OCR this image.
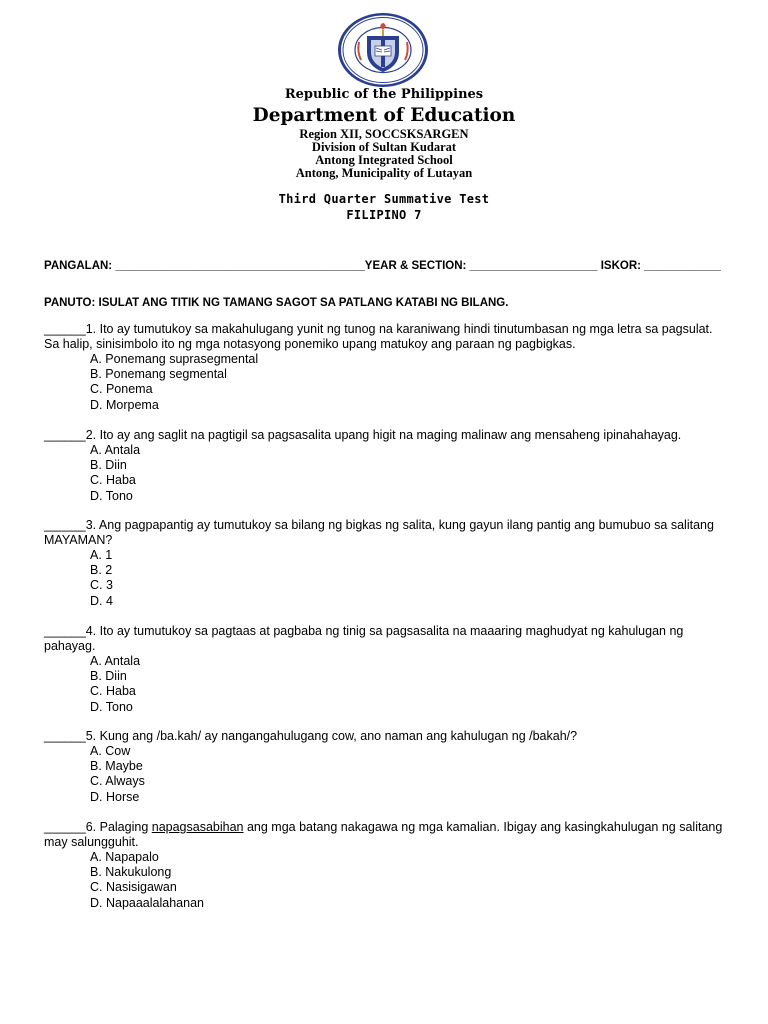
Republic of the Philippines
Department of Education
Region XII, SOCCSKSARGEN
Division of Sultan Kudarat
Antong Integrated School
Antong, Municipality of Lutayan
Third Quarter Summative Test
FILIPINO 7
PANGALAN: _______________________________________YEAR & SECTION: ____________________ ISKOR: ____________
PANUTO: ISULAT ANG TITIK NG TAMANG SAGOT SA PATLANG KATABI NG BILANG.
______1. Ito ay tumutukoy sa makahulugang yunit ng tunog na karaniwang hindi tinutumbasan ng mga letra sa pagsulat. Sa halip, sinisimbolo ito ng mga notasyong ponemiko upang matukoy ang paraan ng pagbigkas.
A. Ponemang suprasegmental
B. Ponemang segmental
C. Ponema
D. Morpema
______2. Ito ay ang saglit na pagtigil sa pagsasalita upang higit na maging malinaw ang mensaheng ipinahahayag.
A. Antala
B. Diin
C. Haba
D. Tono
______3. Ang pagpapantig ay tumutukoy sa bilang ng bigkas ng salita, kung gayun ilang pantig ang bumubuo sa salitang MAYAMAN?
A. 1
B. 2
C. 3
D. 4
______4. Ito ay tumutukoy sa pagtaas at pagbaba ng tinig sa pagsasalita na maaaring maghudyat ng kahulugan ng pahayag.
A. Antala
B. Diin
C. Haba
D. Tono
______5. Kung ang /ba.kah/ ay nangangahulugang cow, ano naman ang kahulugan ng /bakah/?
A. Cow
B. Maybe
C. Always
D. Horse
______6. Palaging napagsasabihan ang mga batang nakagawa ng mga kamalian. Ibigay ang kasingkahulugan ng salitang may salungguhit.
A. Napapalo
B. Nakukulong
C. Nasisigawan
D. Napaaalalahanan
